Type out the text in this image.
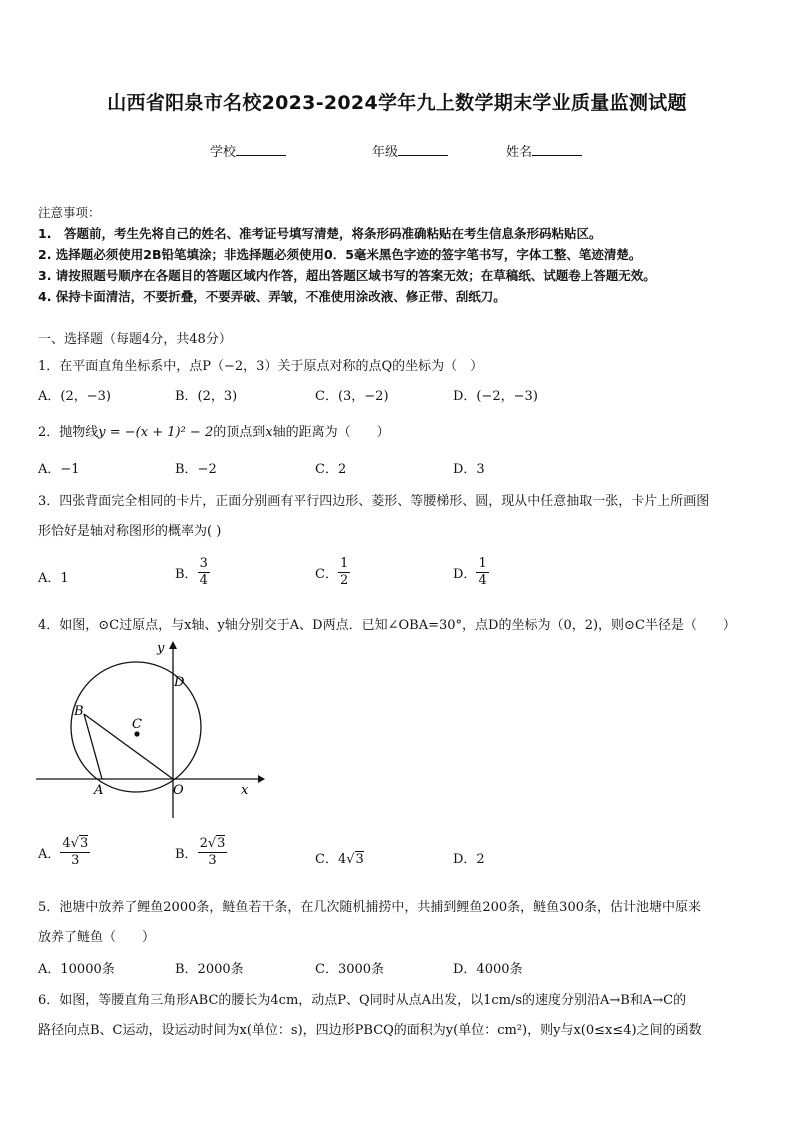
山西省阳泉市名校2023-2024学年九上数学期末学业质量监测试题
学校	年级	姓名
注意事项：
1.　答题前，考生先将自己的姓名、准考证号填写清楚，将条形码准确粘贴在考生信息条形码粘贴区。
2. 选择题必须使用2B铅笔填涂；非选择题必须使用0．5毫米黑色字迹的签字笔书写，字体工整、笔迹清楚。
3. 请按照题号顺序在各题目的答题区域内作答，超出答题区域书写的答案无效；在草稿纸、试题卷上答题无效。
4. 保持卡面清洁，不要折叠，不要弄破、弄皱，不准使用涂改液、修正带、刮纸刀。
一、选择题（每题4分，共48分）
1．在平面直角坐标系中，点P（−2，3）关于原点对称的点Q的坐标为（　）
A．(2，−3)	B．(2，3)	C．(3，−2)	D．(−2，−3)
2．抛物线y = −(x + 1)² − 2的顶点到x轴的距离为（　　）
A．−1	B．−2	C．2	D．3
3．四张背面完全相同的卡片，正面分别画有平行四边形、菱形、等腰梯形、圆，现从中任意抽取一张，卡片上所画图
形恰好是轴对称图形的概率为( )
A．1	B． $\frac{3}{4}$	C． $\frac{1}{2}$	D． $\frac{1}{4}$
4．如图，⊙C过原点，与x轴、y轴分别交于A、D两点．已知∠OBA=30°，点D的坐标为（0，2)，则⊙C半径是（　　）
y
D
B
C
A	O	x
A． $\frac{4√3}{3}$	B． $\frac{2√3}{3}$	C．4√3	D．2
5．池塘中放养了鲤鱼2000条，鲢鱼若干条，在几次随机捕捞中，共捕到鲤鱼200条，鲢鱼300条，估计池塘中原来
放养了鲢鱼（　　）
A．10000条	B．2000条	C．3000条	D．4000条
6．如图，等腰直角三角形ABC的腰长为4cm，动点P、Q同时从点A出发，以1cm/s的速度分别沿A→B和A→C的
路径向点B、C运动，设运动时间为x(单位：s)，四边形PBCQ的面积为y(单位：cm²)，则y与x(0≤x≤4)之间的函数
